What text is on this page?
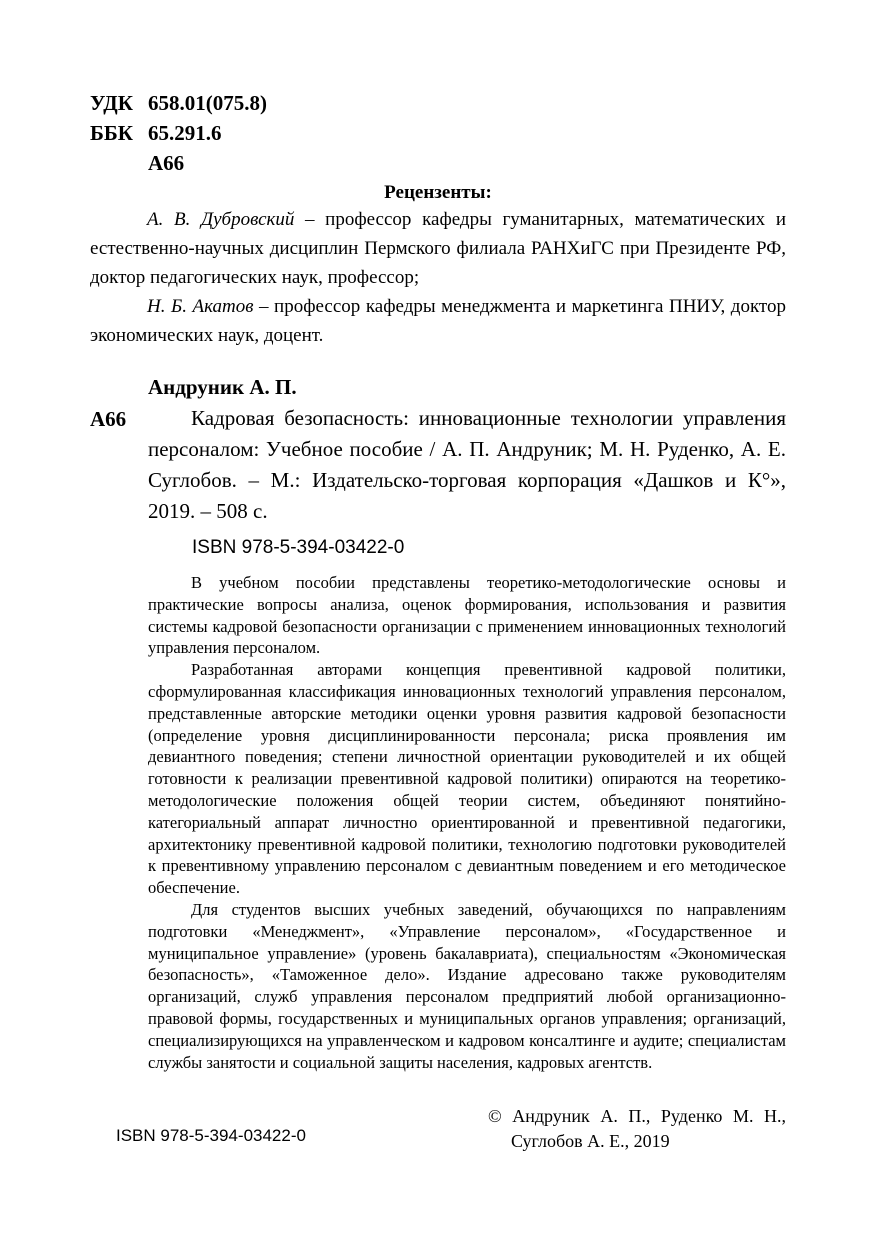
УДК 658.01(075.8)
ББК 65.291.6
А66
Рецензенты:

А. В. Дубровский – профессор кафедры гуманитарных, математических и естественно-научных дисциплин Пермского филиала РАНХиГС при Президенте РФ, доктор педагогических наук, профессор;

Н. Б. Акатов – профессор кафедры менеджмента и маркетинга ПНИУ, доктор экономических наук, доцент.

Андруник А. П.
А66	Кадровая безопасность: инновационные технологии управления персоналом: Учебное пособие / А. П. Андруник; М. Н. Руденко, А. Е. Суглобов. – М.: Издательско-торговая корпорация «Дашков и К°», 2019. – 508 с.

ISBN 978-5-394-03422-0

В учебном пособии представлены теоретико-методологические основы и практические вопросы анализа, оценок формирования, использования и развития системы кадровой безопасности организации с применением инновационных технологий управления персоналом.

Разработанная авторами концепция превентивной кадровой политики, сформулированная классификация инновационных технологий управления персоналом, представленные авторские методики оценки уровня развития кадровой безопасности (определение уровня дисциплинированности персонала; риска проявления им девиантного поведения; степени личностной ориентации руководителей и их общей готовности к реализации превентивной кадровой политики) опираются на теоретико-методологические положения общей теории систем, объединяют понятийно-категориальный аппарат личностно ориентированной и превентивной педагогики, архитектонику превентивной кадровой политики, технологию подготовки руководителей к превентивному управлению персоналом с девиантным поведением и его методическое обеспечение.

Для студентов высших учебных заведений, обучающихся по направлениям подготовки «Менеджмент», «Управление персоналом», «Государственное и муниципальное управление» (уровень бакалавриата), специальностям «Экономическая безопасность», «Таможенное дело». Издание адресовано также руководителям организаций, служб управления персоналом предприятий любой организационно-правовой формы, государственных и муниципальных органов управления; организаций, специализирующихся на управленческом и кадровом консалтинге и аудите; специалистам службы занятости и социальной защиты населения, кадровых агентств.

ISBN 978-5-394-03422-0
© Андруник А. П., Руденко М. Н.,
Суглобов А. Е., 2019
